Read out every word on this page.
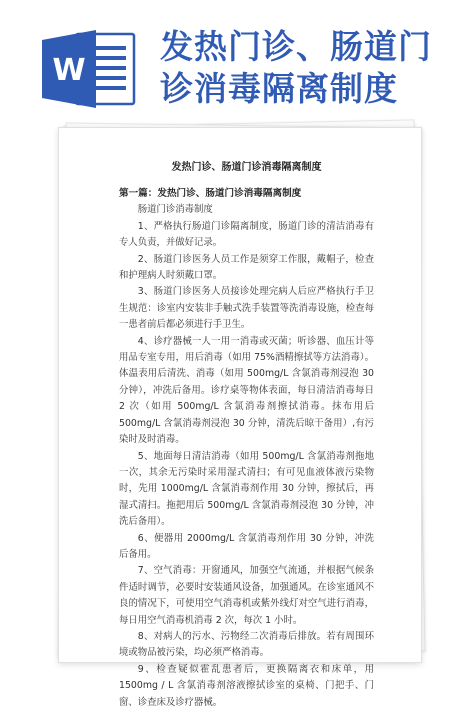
W
发热门诊、肠道门
诊消毒隔离制度
发热门诊、肠道门诊消毒隔离制度

第一篇：发热门诊、肠道门诊消毒隔离制度

肠道门诊消毒制度

1、严格执行肠道门诊隔离制度，肠道门诊的清洁消毒有专人负责，并做好记录。

2、肠道门诊医务人员工作是须穿工作服，戴帽子，检查和护理病人时须戴口罩。

3、肠道门诊医务人员接诊处理完病人后应严格执行手卫生规范：诊室内安装非手触式洗手装置等洗消毒设施，检查每一患者前后都必须进行手卫生。

4、诊疗器械一人一用一消毒或灭菌；听诊器、血压计等用品专室专用，用后消毒（如用 75%酒精擦拭等方法消毒）。体温表用后清洗、消毒（如用 500mg/L 含氯消毒剂浸泡 30 分钟），冲洗后备用。诊疗桌等物体表面，每日清洁消毒每日 2 次（如用 500mg/L 含氯消毒剂擦拭消毒。抹布用后 500mg/L 含氯消毒剂浸泡 30 分钟，清洗后晾干备用）,有污染时及时消毒。

5、地面每日清洁消毒（如用 500mg/L 含氯消毒剂拖地一次，其余无污染时采用湿式清扫；有可见血液体液污染物时，先用 1000mg/L 含氯消毒剂作用 30 分钟，擦拭后，再湿式清扫。拖把用后 500mg/L 含氯消毒剂浸泡 30 分钟，冲洗后备用）。

6、便器用 2000mg/L 含氯消毒剂作用 30 分钟，冲洗后备用。

7、空气消毒：开窗通风，加强空气流通，并根据气候条件适时调节，必要时安装通风设备，加强通风。在诊室通风不良的情况下，可使用空气消毒机或紫外线灯对空气进行消毒，每日用空气消毒机消毒 2 次，每次 1 小时。

8、对病人的污水、污物经二次消毒后排放。若有周围环境或物品被污染，均必须严格消毒。

9、检查疑似霍乱患者后，更换隔离衣和床单，用 1500mg / L 含氯消毒剂溶液擦拭诊室的桌椅、门把手、门窗、诊查床及诊疗器械。
